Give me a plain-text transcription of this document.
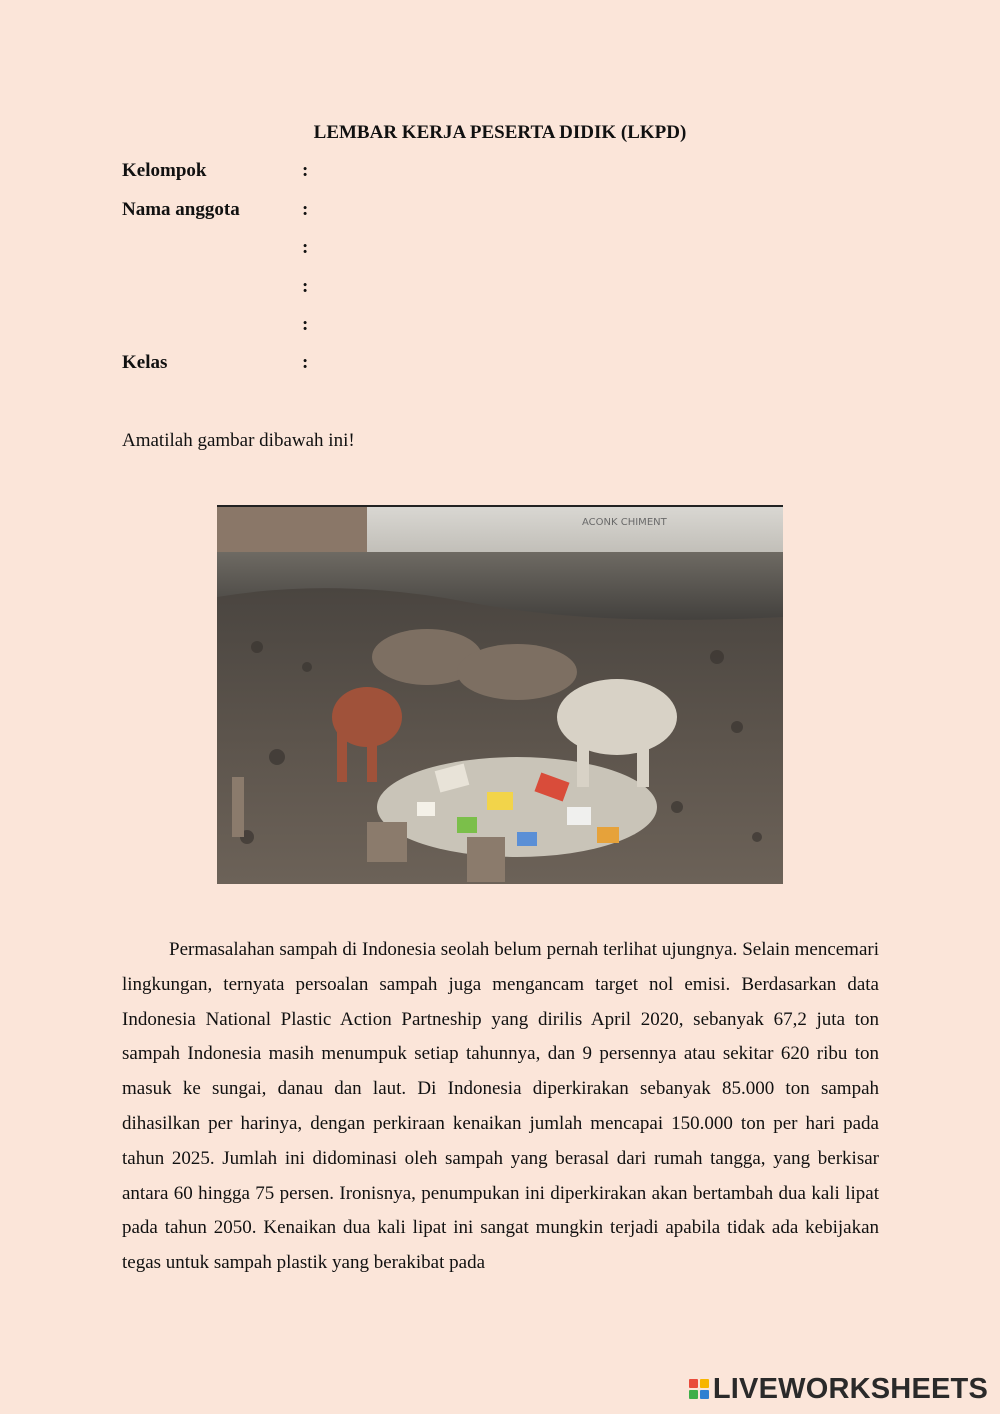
LEMBAR KERJA PESERTA DIDIK (LKPD)
Kelompok	:
Nama anggota	:
:
:
:
Kelas	:
Amatilah gambar dibawah ini!
ACONK CHIMENT

Permasalahan sampah di Indonesia seolah belum pernah terlihat ujungnya. Selain mencemari lingkungan, ternyata persoalan sampah juga mengancam target nol emisi. Berdasarkan data Indonesia National Plastic Action Partneship yang dirilis April 2020, sebanyak 67,2 juta ton sampah Indonesia masih menumpuk setiap tahunnya, dan 9 persennya atau sekitar 620 ribu ton masuk ke sungai, danau dan laut. Di Indonesia diperkirakan sebanyak 85.000 ton sampah dihasilkan per harinya, dengan perkiraan kenaikan jumlah mencapai 150.000 ton per hari pada tahun 2025. Jumlah ini didominasi oleh sampah yang berasal dari rumah tangga, yang berkisar antara 60 hingga 75 persen. Ironisnya, penumpukan ini diperkirakan akan bertambah dua kali lipat pada tahun 2050. Kenaikan dua kali lipat ini sangat mungkin terjadi apabila tidak ada kebijakan tegas untuk sampah plastik yang berakibat pada

LIVEWORKSHEETS
